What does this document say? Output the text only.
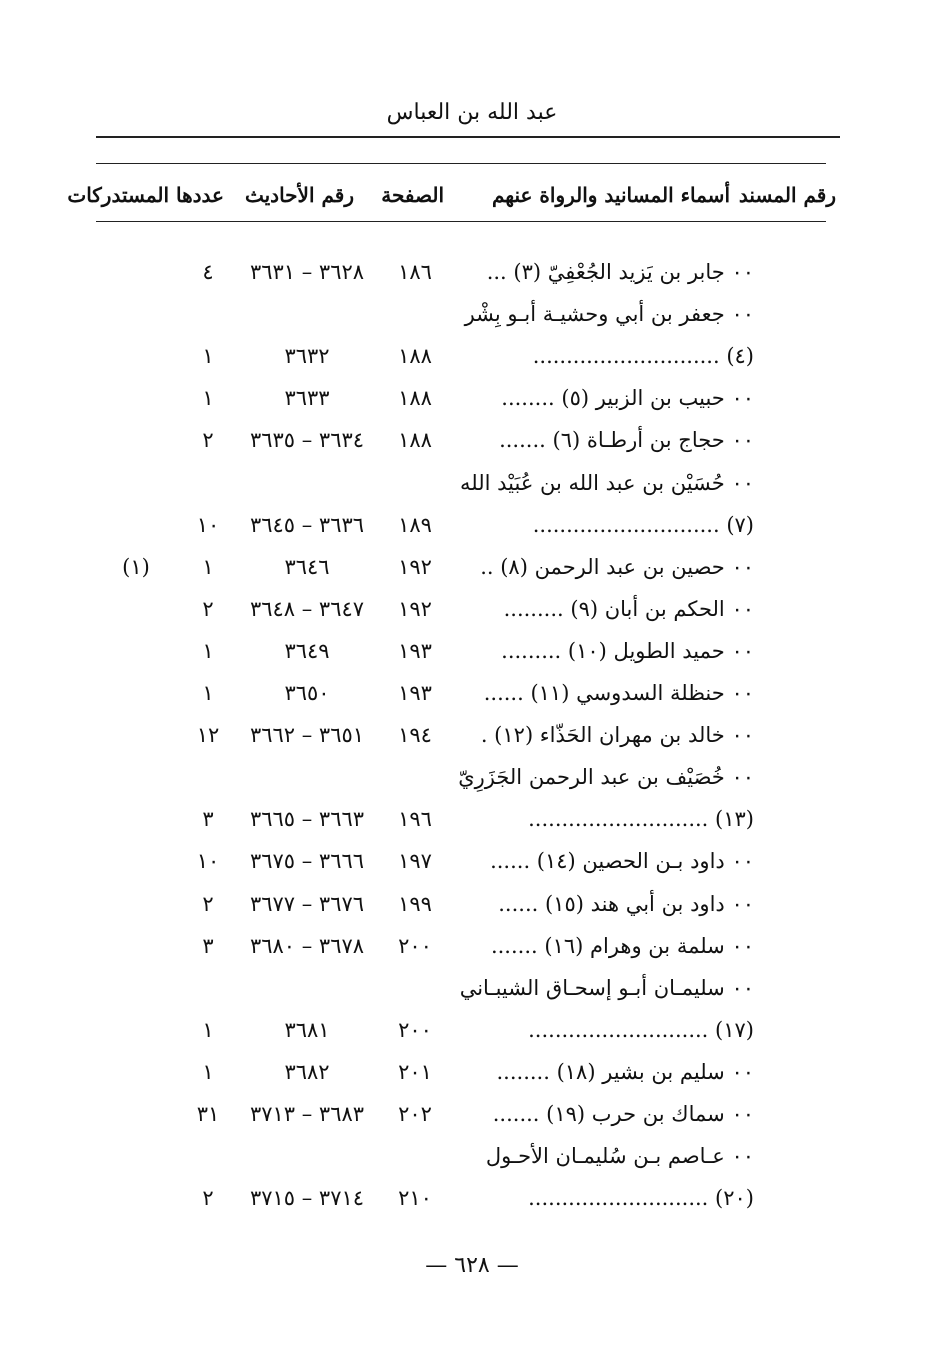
عبد الله بن العباس
رقم المسند
أسماء المسانيد والرواة عنهم
الصفحة
رقم الأحاديث
عددها المستدركات
٠٠ جابر بن يَزيد الجُعْفِيّ (٣) ...
١٨٦
٣٦٢٨ – ٣٦٣١
٤
٠٠ جعفر بن أبي وحشيـة أبـو بِشْر
(٤) ............................
١٨٨
٣٦٣٢
١
٠٠ حبيب بن الزبير (٥) ........
١٨٨
٣٦٣٣
١
٠٠ حجاج بن أرطـاة (٦) .......
١٨٨
٣٦٣٤ – ٣٦٣٥
٢
٠٠ حُسَيْن بن عبد الله بن عُبَيْد الله
(٧) ............................
١٨٩
٣٦٣٦ – ٣٦٤٥
١٠
٠٠ حصين بن عبد الرحمن (٨) ..
١٩٢
٣٦٤٦
١
(١)
٠٠ الحكم بن أبان (٩) .........
١٩٢
٣٦٤٧ – ٣٦٤٨
٢
٠٠ حميد الطويل (١٠) .........
١٩٣
٣٦٤٩
١
٠٠ حنظلة السدوسي (١١) ......
١٩٣
٣٦٥٠
١
٠٠ خالد بن مهران الحَذّاء (١٢) .
١٩٤
٣٦٥١ – ٣٦٦٢
١٢
٠٠ خُصَيْف بن عبد الرحمن الجَزَرِيّ
(١٣) ...........................
١٩٦
٣٦٦٣ – ٣٦٦٥
٣
٠٠ داود بـن الحصين (١٤) ......
١٩٧
٣٦٦٦ – ٣٦٧٥
١٠
٠٠ داود بن أبي هند (١٥) ......
١٩٩
٣٦٧٦ – ٣٦٧٧
٢
٠٠ سلمة بن وهرام (١٦) .......
٢٠٠
٣٦٧٨ – ٣٦٨٠
٣
٠٠ سليمـان أبـو إسحـاق الشيبـاني
(١٧) ...........................
٢٠٠
٣٦٨١
١
٠٠ سليم بن بشير (١٨) ........
٢٠١
٣٦٨٢
١
٠٠ سماك بن حرب (١٩) .......
٢٠٢
٣٦٨٣ – ٣٧١٣
٣١
٠٠ عـاصم بـن سُليمـان الأحـول
(٢٠) ...........................
٢١٠
٣٧١٤ – ٣٧١٥
٢
— ٦٢٨ —
